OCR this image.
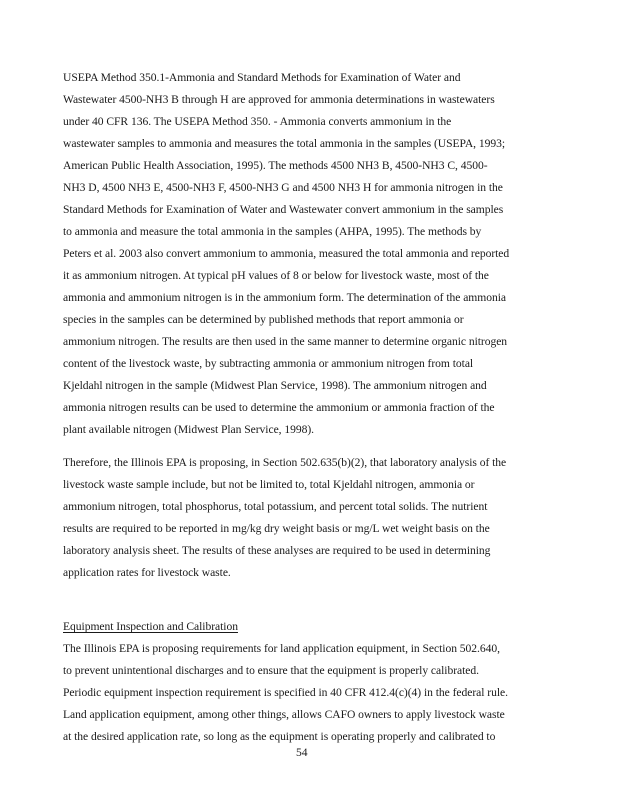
USEPA Method 350.1-Ammonia and Standard Methods for Examination of Water and
Wastewater 4500-NH3 B through H are approved for ammonia determinations in wastewaters
under 40 CFR 136. The USEPA Method 350. - Ammonia converts ammonium in the
wastewater samples to ammonia and measures the total ammonia in the samples (USEPA, 1993;
American Public Health Association, 1995). The methods 4500 NH3 B, 4500-NH3 C, 4500-
NH3 D, 4500 NH3 E, 4500-NH3 F, 4500-NH3 G and 4500 NH3 H for ammonia nitrogen in the
Standard Methods for Examination of Water and Wastewater convert ammonium in the samples
to ammonia and measure the total ammonia in the samples (AHPA, 1995). The methods by
Peters et al. 2003 also convert ammonium to ammonia, measured the total ammonia and reported
it as ammonium nitrogen. At typical pH values of 8 or below for livestock waste, most of the
ammonia and ammonium nitrogen is in the ammonium form. The determination of the ammonia
species in the samples can be determined by published methods that report ammonia or
ammonium nitrogen. The results are then used in the same manner to determine organic nitrogen
content of the livestock waste, by subtracting ammonia or ammonium nitrogen from total
Kjeldahl nitrogen in the sample (Midwest Plan Service, 1998). The ammonium nitrogen and
ammonia nitrogen results can be used to determine the ammonium or ammonia fraction of the
plant available nitrogen (Midwest Plan Service, 1998).
Therefore, the Illinois EPA is proposing, in Section 502.635(b)(2), that laboratory analysis of the
livestock waste sample include, but not be limited to, total Kjeldahl nitrogen, ammonia or
ammonium nitrogen, total phosphorus, total potassium, and percent total solids. The nutrient
results are required to be reported in mg/kg dry weight basis or mg/L wet weight basis on the
laboratory analysis sheet. The results of these analyses are required to be used in determining
application rates for livestock waste.
Equipment Inspection and Calibration
The Illinois EPA is proposing requirements for land application equipment, in Section 502.640,
to prevent unintentional discharges and to ensure that the equipment is properly calibrated.
Periodic equipment inspection requirement is specified in 40 CFR 412.4(c)(4) in the federal rule.
Land application equipment, among other things, allows CAFO owners to apply livestock waste
at the desired application rate, so long as the equipment is operating properly and calibrated to
54
